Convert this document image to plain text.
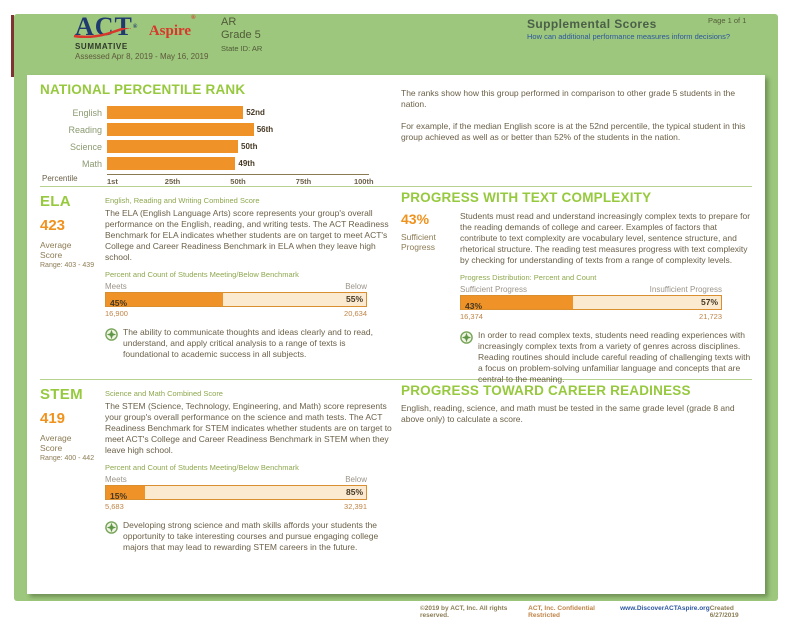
ACT® Aspire®
SUMMATIVE
Assessed Apr 8, 2019 - May 16, 2019
AR
Grade 5
State ID: AR
Supplemental Scores
How can additional performance measures inform decisions?
Page 1 of 1
NATIONAL PERCENTILE RANK
English	52nd
Reading	56th
Science	50th
Math	49th
Percentile	1st	25th	50th	75th	100th
The ranks show how this group performed in comparison to other grade 5 students in the nation.
For example, if the median English score is at the 52nd percentile, the typical student in this group achieved as well as or better than 52% of the students in the nation.
ELA
423
Average
Score
Range: 403 - 439
English, Reading and Writing Combined Score
The ELA (English Language Arts) score represents your group's overall performance on the English, reading, and writing tests. The ACT Readiness Benchmark for ELA indicates whether students are on target to meet ACT's College and Career Readiness Benchmark in ELA when they leave high school.
Percent and Count of Students Meeting/Below Benchmark
Meets	Below
45%	55%
16,900	20,634
The ability to communicate thoughts and ideas clearly and to read, understand, and apply critical analysis to a range of texts is foundational to academic success in all subjects.
PROGRESS WITH TEXT COMPLEXITY
43%
Sufficient
Progress
Students must read and understand increasingly complex texts to prepare for the reading demands of college and career. Examples of factors that contribute to text complexity are vocabulary level, sentence structure, and rhetorical structure. The reading test measures progress with text complexity by checking for understanding of texts from a range of complexity levels.
Progress Distribution: Percent and Count
Sufficient Progress	Insufficient Progress
43%	57%
16,374	21,723
In order to read complex texts, students need reading experiences with increasingly complex texts from a variety of genres across disciplines. Reading routines should include careful reading of challenging texts with a focus on problem-solving unfamiliar language and concepts that are central to the meaning.
STEM
419
Average
Score
Range: 400 - 442
Science and Math Combined Score
The STEM (Science, Technology, Engineering, and Math) score represents your group's overall performance on the science and math tests. The ACT Readiness Benchmark for STEM indicates whether students are on target to meet ACT's College and Career Readiness Benchmark in STEM when they leave high school.
Percent and Count of Students Meeting/Below Benchmark
Meets	Below
15%	85%
5,683	32,391
Developing strong science and math skills affords your students the opportunity to take interesting courses and pursue engaging college majors that may lead to rewarding STEM careers in the future.
PROGRESS TOWARD CAREER READINESS
English, reading, science, and math must be tested in the same grade level (grade 8 and above only) to calculate a score.
©2019 by ACT, Inc. All rights reserved.
ACT, Inc. Confidential Restricted
www.DiscoverACTAspire.org Created 6/27/2019
